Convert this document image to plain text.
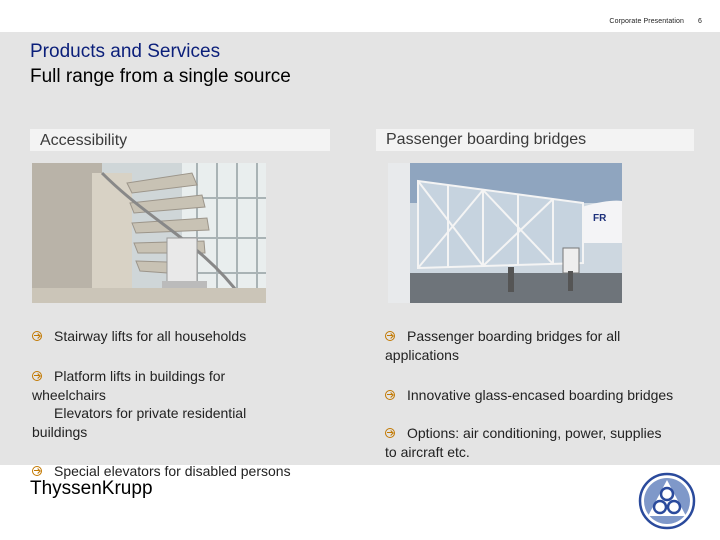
Corporate Presentation 6
Products and Services
Full range from a single source
Accessibility
Stairway lifts for all households
Platform lifts in buildings for wheelchairs
Elevators for private residential buildings
Special elevators for disabled persons
Passenger boarding bridges
FR
Passenger boarding bridges for all applications
Innovative glass-encased boarding bridges
Options: air conditioning, power, supplies to aircraft etc.
ThyssenKrupp
